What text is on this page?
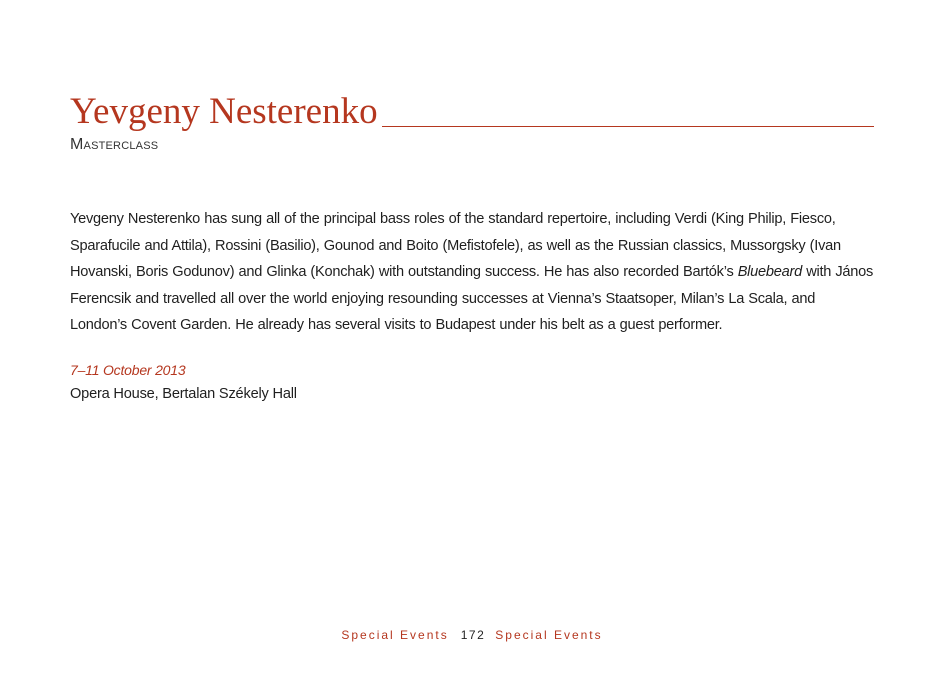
Yevgeny Nesterenko
Masterclass
Yevgeny Nesterenko has sung all of the principal bass roles of the standard repertoire, including Verdi (King Philip, Fiesco, Sparafucile and Attila), Rossini (Basilio), Gounod and Boito (Mefistofele), as well as the Russian classics, Mussorgsky (Ivan Hovanski, Boris Godunov) and Glinka (Konchak) with outstanding success. He has also recorded Bartók’s Bluebeard with János Ferencsik and travelled all over the world enjoying resounding successes at Vienna’s Staatsoper, Milan’s La Scala, and London’s Covent Garden. He already has several visits to Budapest under his belt as a guest performer.
7–11 October 2013
Opera House, Bertalan Székely Hall
Special Events 172 Special Events
